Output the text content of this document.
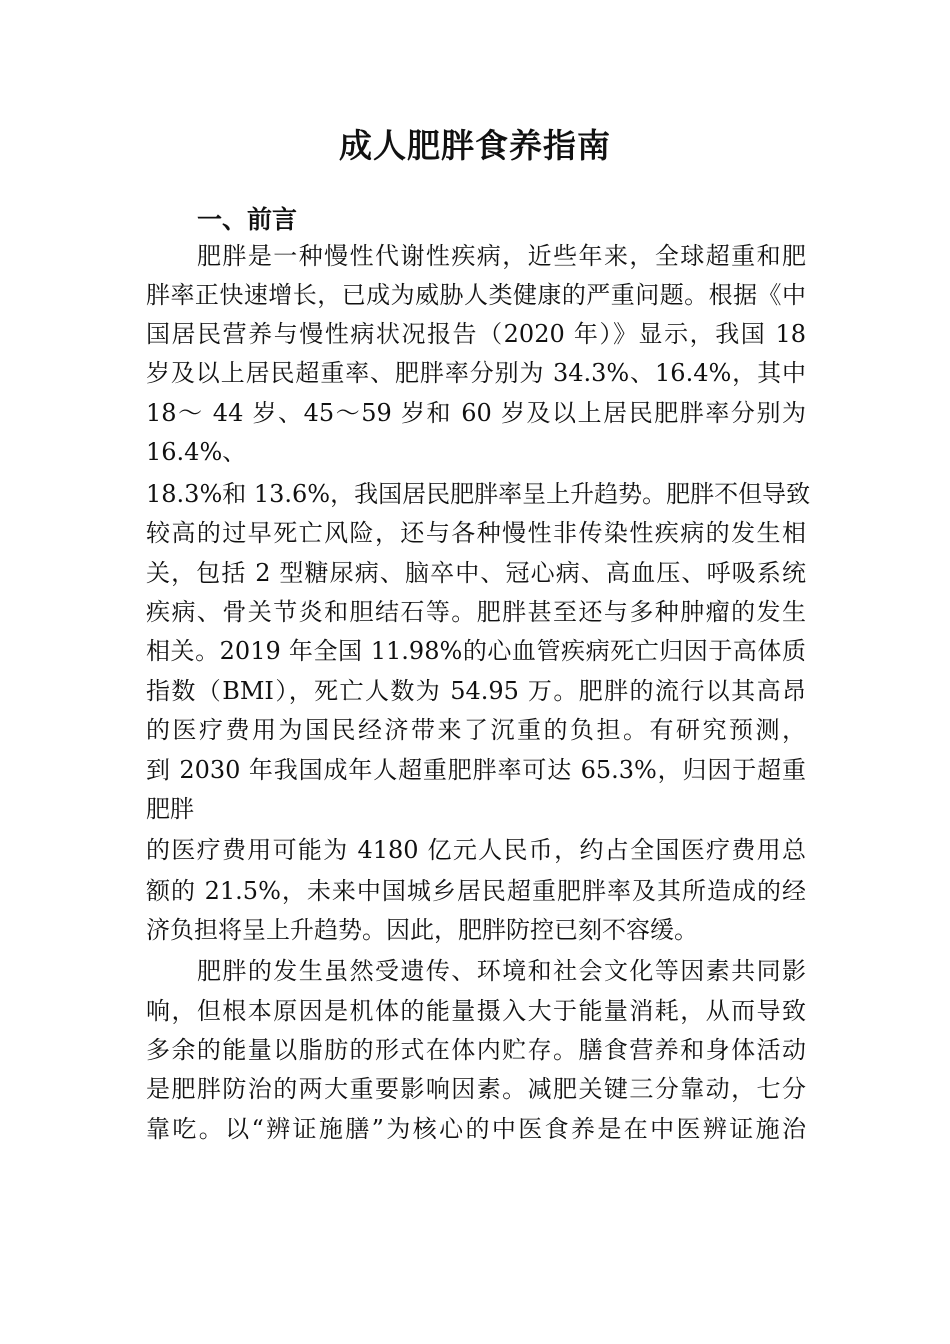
成人肥胖食养指南
一、前言
肥胖是一种慢性代谢性疾病，近些年来，全球超重和肥
胖率正快速增长，已成为威胁人类健康的严重问题。根据《中
国居民营养与慢性病状况报告（2020 年）》显示，我国 18
岁及以上居民超重率、肥胖率分别为 34.3%、16.4%，其中
18～ 44 岁、45～59 岁和 60 岁及以上居民肥胖率分别为
16.4%、
18.3%和 13.6%，我国居民肥胖率呈上升趋势。肥胖不但导致
较高的过早死亡风险，还与各种慢性非传染性疾病的发生相
关，包括 2 型糖尿病、脑卒中、冠心病、高血压、呼吸系统
疾病、骨关节炎和胆结石等。肥胖甚至还与多种肿瘤的发生
相关。2019 年全国 11.98%的心血管疾病死亡归因于高体质
指数（BMI），死亡人数为 54.95 万。肥胖的流行以其高昂
的医疗费用为国民经济带来了沉重的负担。有研究预测，
到 2030 年我国成年人超重肥胖率可达 65.3%，归因于超重
肥胖
的医疗费用可能为 4180 亿元人民币，约占全国医疗费用总
额的 21.5%，未来中国城乡居民超重肥胖率及其所造成的经
济负担将呈上升趋势。因此，肥胖防控已刻不容缓。
肥胖的发生虽然受遗传、环境和社会文化等因素共同影
响，但根本原因是机体的能量摄入大于能量消耗，从而导致
多余的能量以脂肪的形式在体内贮存。膳食营养和身体活动
是肥胖防治的两大重要影响因素。减肥关键三分靠动，七分
靠吃。以“辨证施膳”为核心的中医食养是在中医辨证施治
